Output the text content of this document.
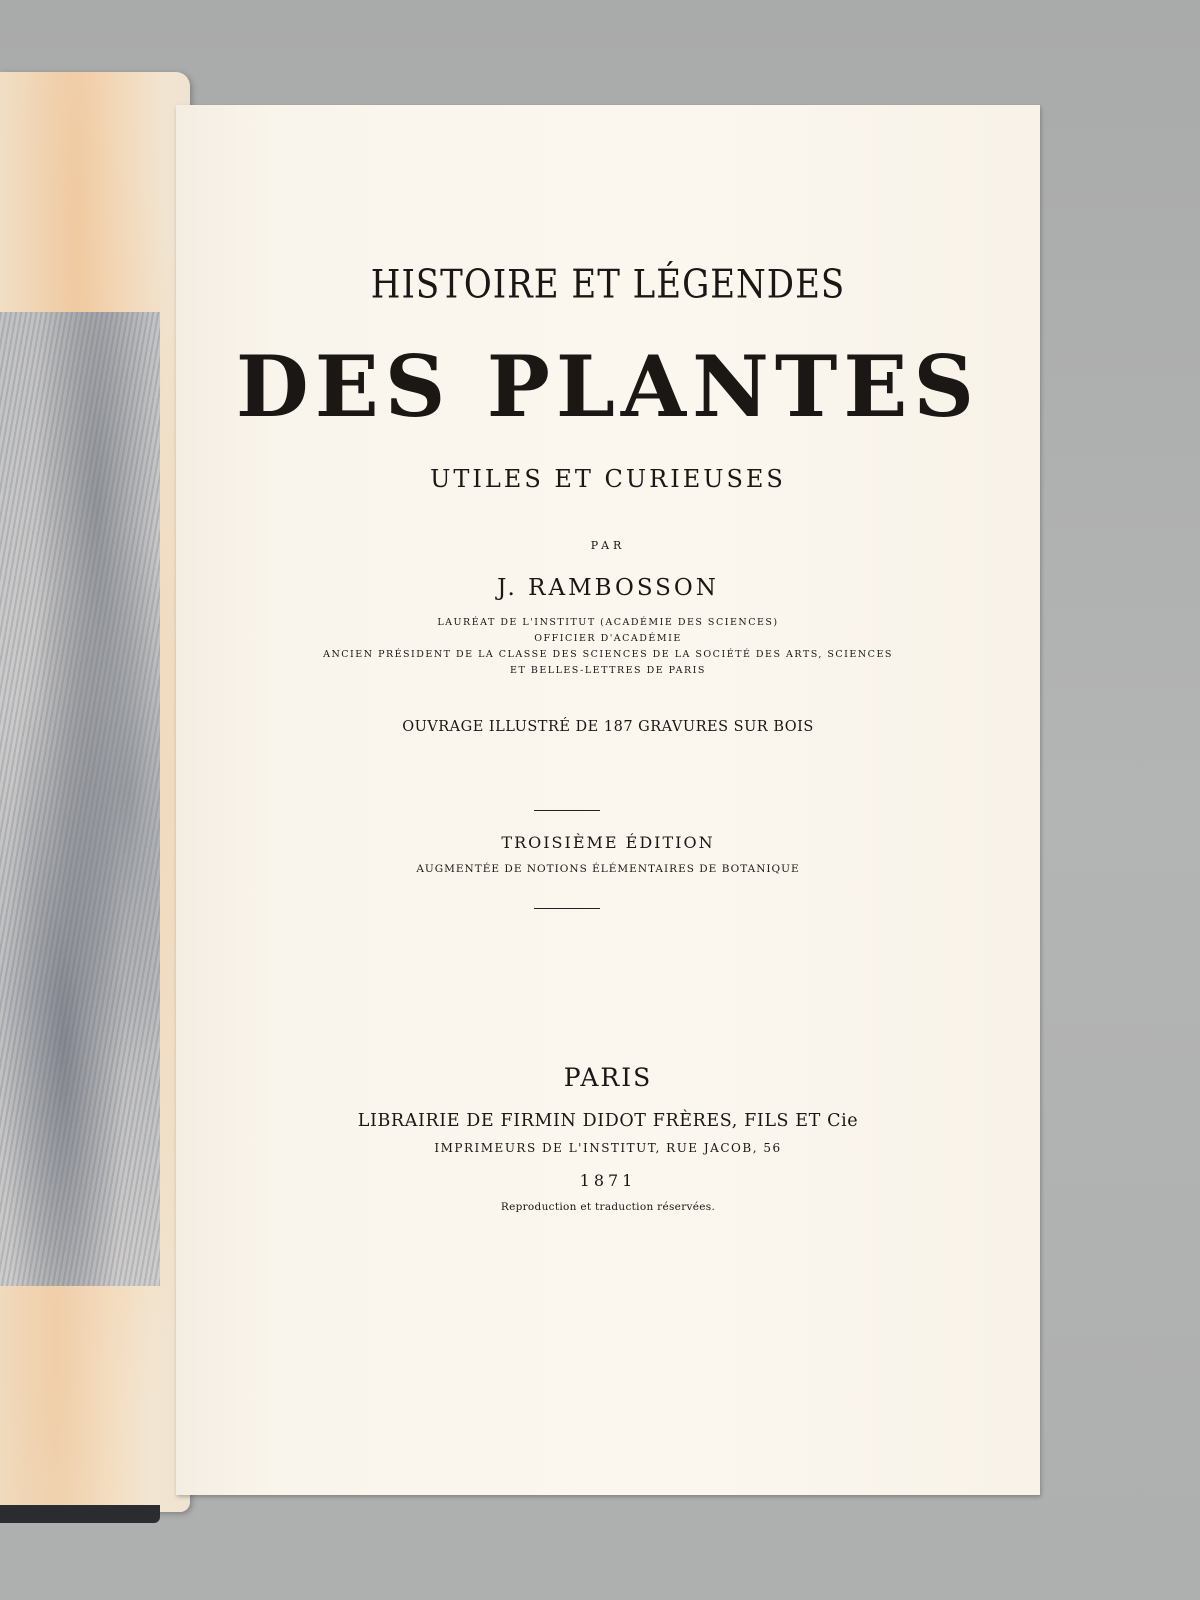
HISTOIRE ET LÉGENDES
DES PLANTES
UTILES ET CURIEUSES
PAR
J. RAMBOSSON
LAURÉAT DE L'INSTITUT (ACADÉMIE DES SCIENCES)
OFFICIER D'ACADÉMIE
ANCIEN PRÉSIDENT DE LA CLASSE DES SCIENCES DE LA SOCIÉTÉ DES ARTS, SCIENCES
ET BELLES-LETTRES DE PARIS
OUVRAGE ILLUSTRÉ DE 187 GRAVURES SUR BOIS
TROISIÈME ÉDITION
AUGMENTÉE DE NOTIONS ÉLÉMENTAIRES DE BOTANIQUE
PARIS
LIBRAIRIE DE FIRMIN DIDOT FRÈRES, FILS ET Cie
IMPRIMEURS DE L'INSTITUT, RUE JACOB, 56
1871
Reproduction et traduction réservées.
